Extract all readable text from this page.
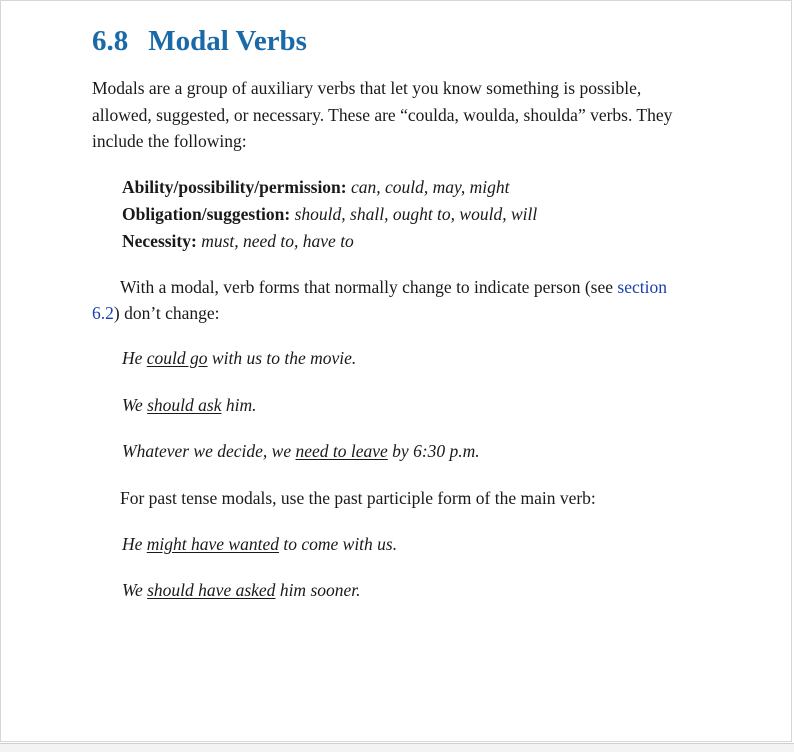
6.8 Modal Verbs

Modals are a group of auxiliary verbs that let you know something is possible, allowed, suggested, or necessary. These are “coulda, woulda, shoulda” verbs. They include the following:

Ability/possibility/permission: can, could, may, might
Obligation/suggestion: should, shall, ought to, would, will
Necessity: must, need to, have to

With a modal, verb forms that normally change to indicate person (see section 6.2) don’t change:

He could go with us to the movie.

We should ask him.

Whatever we decide, we need to leave by 6:30 p.m.

For past tense modals, use the past participle form of the main verb:

He might have wanted to come with us.

We should have asked him sooner.
